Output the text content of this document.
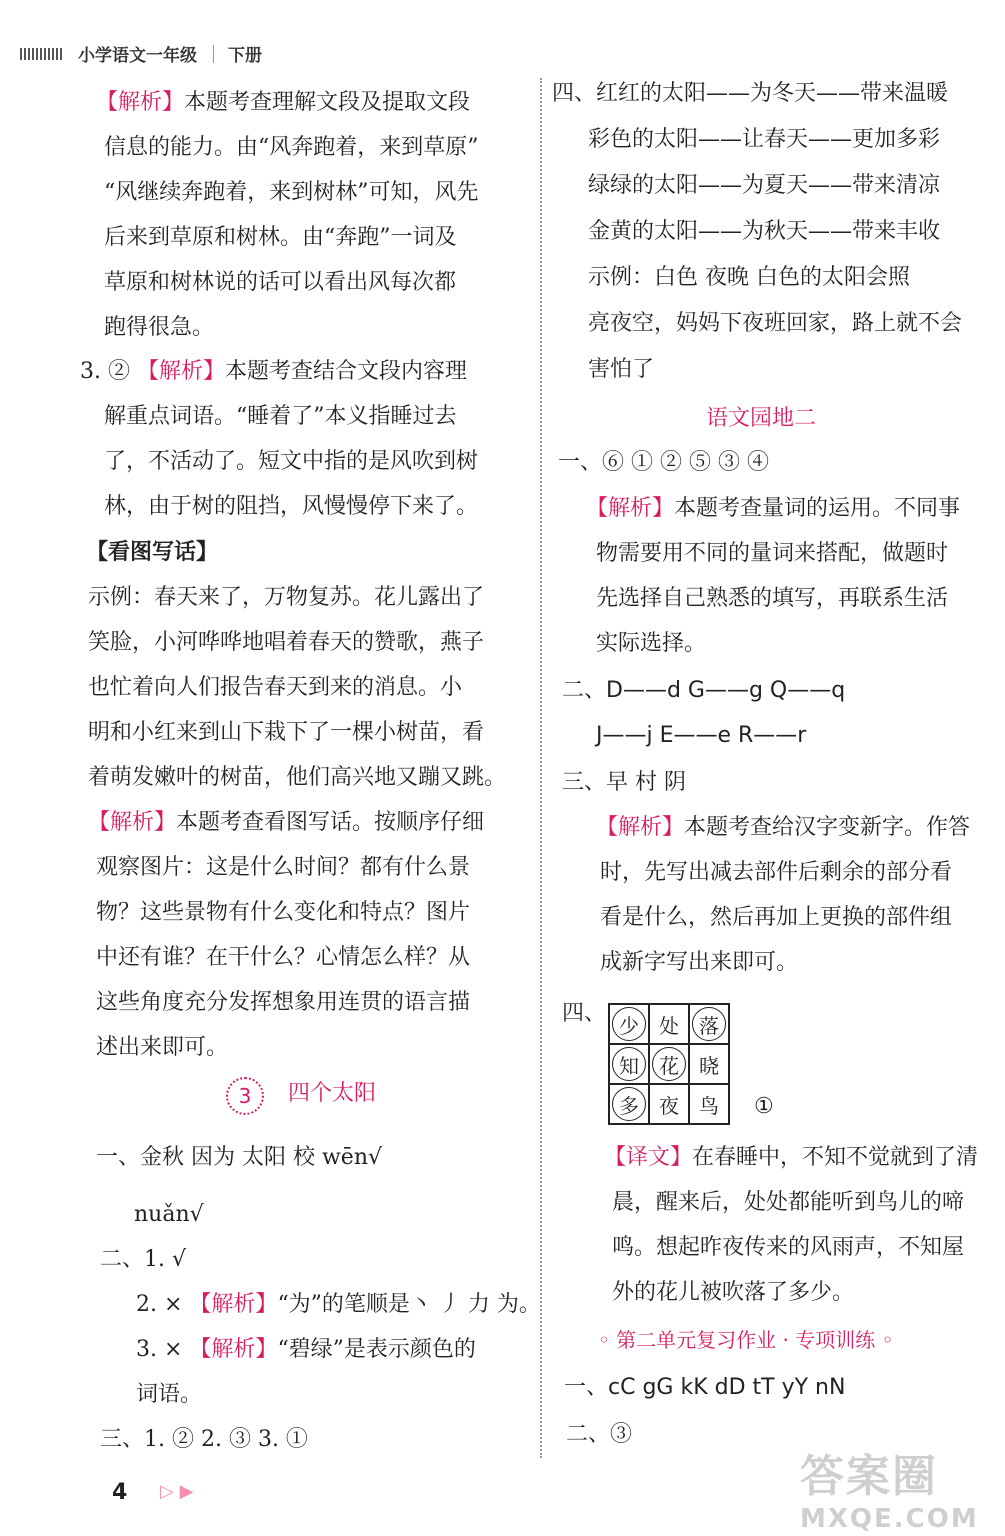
小学语文一年级 下册
【解析】本题考查理解文段及提取文段
信息的能力。由“风奔跑着，来到草原”
“风继续奔跑着，来到树林”可知，风先
后来到草原和树林。由“奔跑”一词及
草原和树林说的话可以看出风每次都
跑得很急。
3. ② 【解析】本题考查结合文段内容理
解重点词语。“睡着了”本义指睡过去
了，不活动了。短文中指的是风吹到树
林，由于树的阻挡，风慢慢停下来了。
【看图写话】
示例：春天来了，万物复苏。花儿露出了
笑脸，小河哗哗地唱着春天的赞歌，燕子
也忙着向人们报告春天到来的消息。小
明和小红来到山下栽下了一棵小树苗，看
着萌发嫩叶的树苗，他们高兴地又蹦又跳。
【解析】本题考查看图写话。按顺序仔细
观察图片：这是什么时间？都有什么景
物？这些景物有什么变化和特点？图片
中还有谁？在干什么？心情怎么样？从
这些角度充分发挥想象用连贯的语言描
述出来即可。
3	四个太阳
一、金秋 因为 太阳 校 wēn√
nuǎn√
二、1. √
2. × 【解析】“为”的笔顺是丶 丿 力 为。
3. × 【解析】“碧绿”是表示颜色的
词语。
三、1. ② 2. ③ 3. ①
四、红红的太阳——为冬天——带来温暖
彩色的太阳——让春天——更加多彩
绿绿的太阳——为夏天——带来清凉
金黄的太阳——为秋天——带来丰收
示例：白色 夜晚 白色的太阳会照
亮夜空，妈妈下夜班回家，路上就不会
害怕了
语文园地二
一、⑥ ① ② ⑤ ③ ④
【解析】本题考查量词的运用。不同事
物需要用不同的量词来搭配，做题时
先选择自己熟悉的填写，再联系生活
实际选择。
二、D——d G——g Q——q
J——j E——e R——r
三、早 村 阴
【解析】本题考查给汉字变新字。作答
时，先写出减去部件后剩余的部分看
看是什么，然后再加上更换的部件组
成新字写出来即可。
四、 少	处	落
知	花	晓
多	夜	鸟	①
【译文】在春睡中，不知不觉就到了清
晨，醒来后，处处都能听到鸟儿的啼
鸣。想起昨夜传来的风雨声，不知屋
外的花儿被吹落了多少。
◦ 第二单元复习作业 · 专项训练 ◦
一、cC gG kK dD tT yY nN
二、③
4 ▷ ▶	答案圈
MXQE.COM
